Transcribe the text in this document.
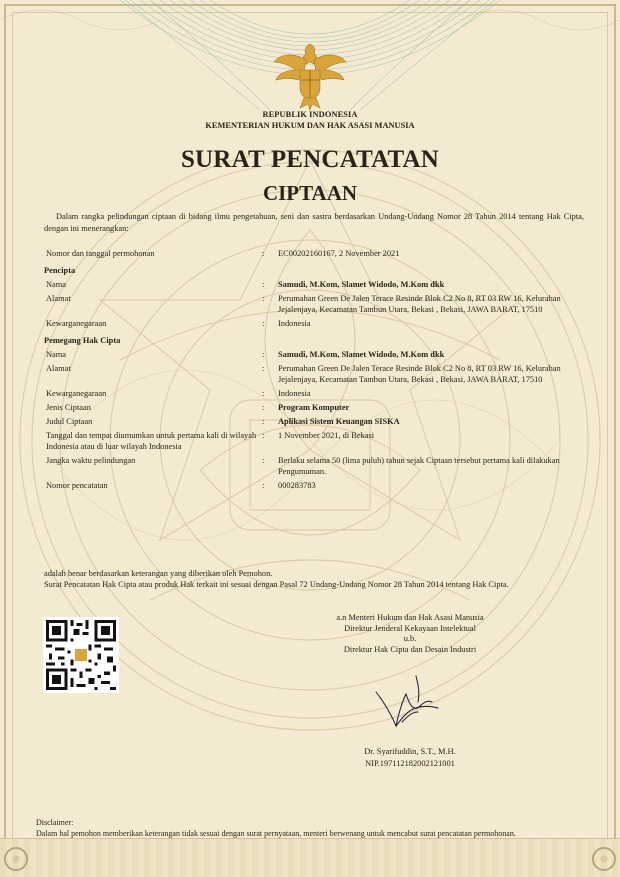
REPUBLIK INDONESIA
KEMENTERIAN HUKUM DAN HAK ASASI MANUSIA
SURAT PENCATATAN
CIPTAAN
Dalam rangka pelindungan ciptaan di bidang ilmu pengetahuan, seni dan sastra berdasarkan Undang-Undang Nomor 28 Tahun 2014 tentang Hak Cipta, dengan ini menerangkan:
Nomor dan tanggal permohonan	:	EC00202160167, 2 November 2021
Pencipta
Nama	:	Samudi, M.Kom, Slamet Widodo, M.Kom dkk
Alamat	:	Perumahan Green De Jalen Terace Resinde Blok C2 No 8, RT 03 RW 16, Kelurahan Jejalenjaya, Kecamatan Tambun Utara, Bekasi , Bekasi, JAWA BARAT, 17510
Kewarganegaraan	:	Indonesia
Pemegang Hak Cipta
Nama	:	Samudi, M.Kom, Slamet Widodo, M.Kom dkk
Alamat	:	Perumahan Green De Jalen Terace Resinde Blok C2 No 8, RT 03 RW 16, Kelurahan Jejalenjaya, Kecamatan Tambun Utara, Bekasi , Bekasi, JAWA BARAT, 17510
Kewarganegaraan	:	Indonesia
Jenis Ciptaan	:	Program Komputer
Judul Ciptaan	:	Aplikasi Sistem Keuangan SISKA
Tanggal dan tempat diumumkan untuk pertama kali di wilayah Indonesia atau di luar wilayah Indonesia
:	1 November 2021, di Bekasi
Jangka waktu pelindungan	:	Berlaku selama 50 (lima puluh) tahun sejak Ciptaan tersebut pertama kali dilakukan Pengumuman.
Nomor pencatatan	:	000283783
adalah benar berdasarkan keterangan yang diberikan oleh Pemohon.
Surat Pencatatan Hak Cipta atau produk Hak terkait ini sesuai dengan Pasal 72 Undang-Undang Nomor 28 Tahun 2014 tentang Hak Cipta.
a.n Menteri Hukum dan Hak Asasi Manusia
Direktur Jenderal Kekayaan Intelektual
u.b.
Direktur Hak Cipta dan Desain Industri
Dr. Syarifuddin, S.T., M.H.
NIP.197112182002121001
Disclaimer:
Dalam hal pemohon memberikan keterangan tidak sesuai dengan surat pernyataan, menteri berwenang untuk mencabut surat pencatatan permohonan.
